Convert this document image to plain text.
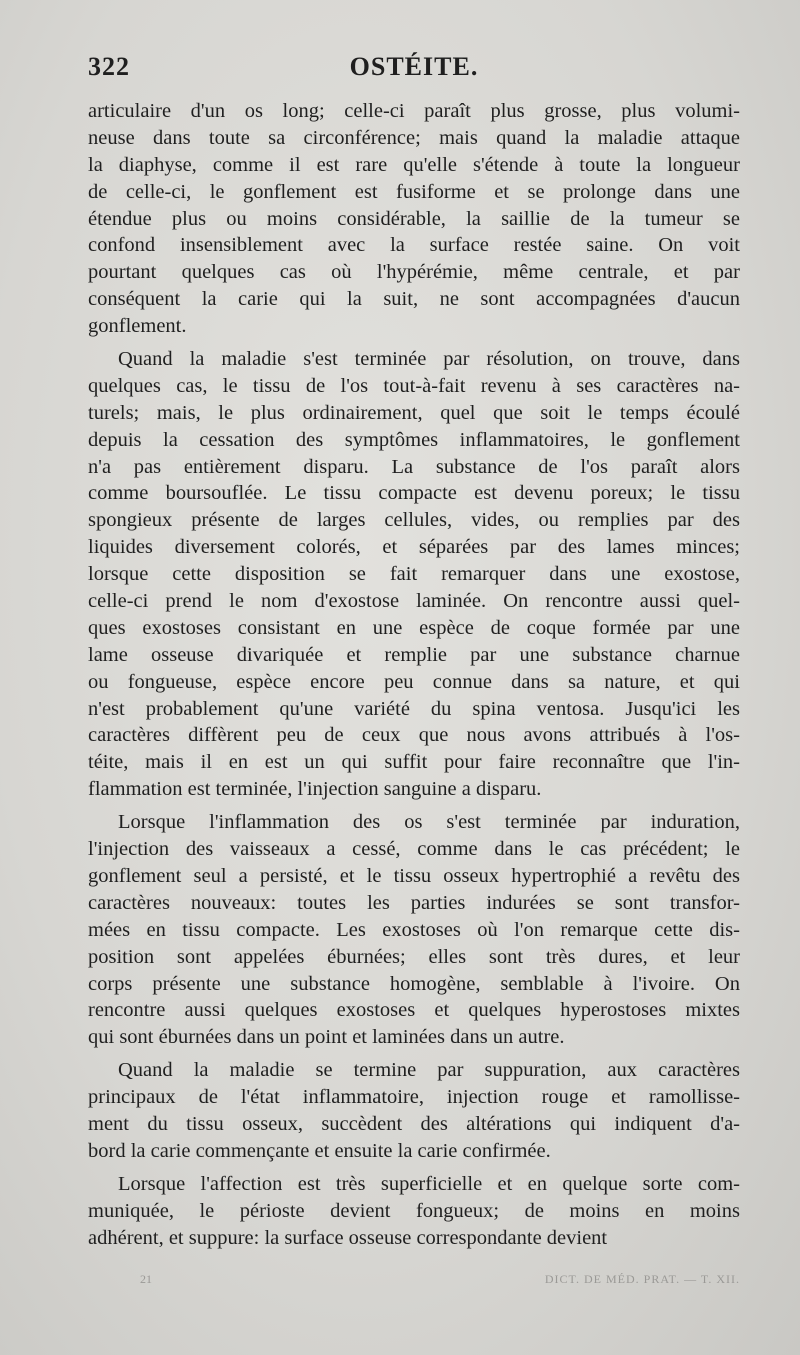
322	OSTÉITE.
articulaire d'un os long; celle-ci paraît plus grosse, plus volumi-
neuse dans toute sa circonférence; mais quand la maladie attaque
la diaphyse, comme il est rare qu'elle s'étende à toute la longueur
de celle-ci, le gonflement est fusiforme et se prolonge dans une
étendue plus ou moins considérable, la saillie de la tumeur se
confond insensiblement avec la surface restée saine. On voit
pourtant quelques cas où l'hypérémie, même centrale, et par
conséquent la carie qui la suit, ne sont accompagnées d'aucun
gonflement.
Quand la maladie s'est terminée par résolution, on trouve, dans
quelques cas, le tissu de l'os tout-à-fait revenu à ses caractères na-
turels; mais, le plus ordinairement, quel que soit le temps écoulé
depuis la cessation des symptômes inflammatoires, le gonflement
n'a pas entièrement disparu. La substance de l'os paraît alors
comme boursouflée. Le tissu compacte est devenu poreux; le tissu
spongieux présente de larges cellules, vides, ou remplies par des
liquides diversement colorés, et séparées par des lames minces;
lorsque cette disposition se fait remarquer dans une exostose,
celle-ci prend le nom d'exostose laminée. On rencontre aussi quel-
ques exostoses consistant en une espèce de coque formée par une
lame osseuse divariquée et remplie par une substance charnue
ou fongueuse, espèce encore peu connue dans sa nature, et qui
n'est probablement qu'une variété du spina ventosa. Jusqu'ici les
caractères diffèrent peu de ceux que nous avons attribués à l'os-
téite, mais il en est un qui suffit pour faire reconnaître que l'in-
flammation est terminée, l'injection sanguine a disparu.
Lorsque l'inflammation des os s'est terminée par induration,
l'injection des vaisseaux a cessé, comme dans le cas précédent; le
gonflement seul a persisté, et le tissu osseux hypertrophié a revêtu des
caractères nouveaux: toutes les parties indurées se sont transfor-
mées en tissu compacte. Les exostoses où l'on remarque cette dis-
position sont appelées éburnées; elles sont très dures, et leur
corps présente une substance homogène, semblable à l'ivoire. On
rencontre aussi quelques exostoses et quelques hyperostoses mixtes
qui sont éburnées dans un point et laminées dans un autre.
Quand la maladie se termine par suppuration, aux caractères
principaux de l'état inflammatoire, injection rouge et ramollisse-
ment du tissu osseux, succèdent des altérations qui indiquent d'a-
bord la carie commençante et ensuite la carie confirmée.
Lorsque l'affection est très superficielle et en quelque sorte com-
muniquée, le périoste devient fongueux; de moins en moins
adhérent, et suppure: la surface osseuse correspondante devient
21	DICT. DE MÉD. PRAT. — T. XII.
